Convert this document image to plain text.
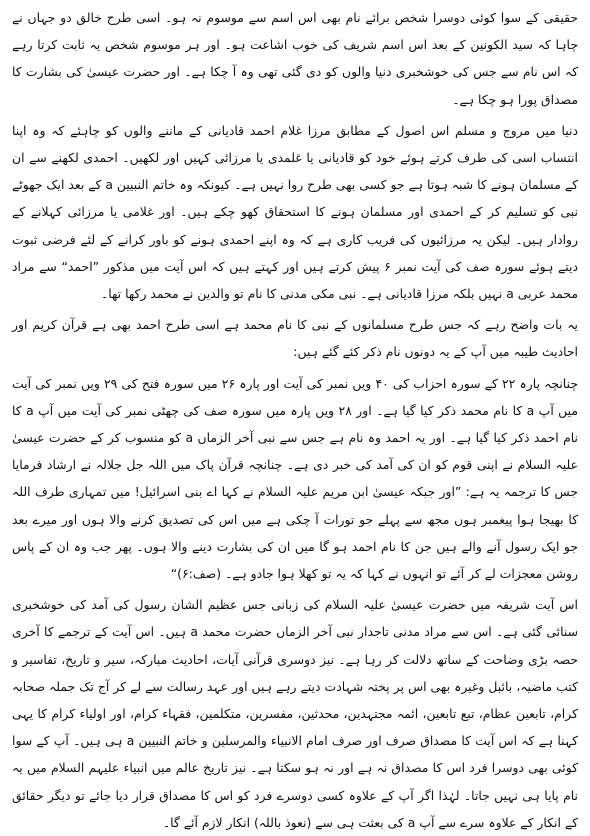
حقیقی کے سوا کوئی دوسرا شخص برائے نام بھی اس اسم سے موسوم نہ ہو۔ اسی طرح خالق دو جہاں نے چاہا کہ سید الکونین کے بعد اس اسم شریف کی خوب اشاعت ہو۔ اور ہر موسوم شخص یہ ثابت کرتا رہے کہ اس نام سے جس کی خوشخبری دنیا والوں کو دی گئی تھی وہ آ چکا ہے۔ اور حضرت عیسیٰ کی بشارت کا مصداق پورا ہو چکا ہے۔

دنیا میں مروج و مسلم اس اصول کے مطابق مرزا غلام احمد قادیانی کے ماننے والوں کو چاہئے کہ وہ اپنا انتساب اسی کی طرف کرتے ہوئے خود کو قادیانی یا غلمدی یا مرزائی کہیں اور لکھیں۔ احمدی لکھنے سے ان کے مسلمان ہونے کا شبہ ہوتا ہے جو کسی بھی طرح روا نہیں ہے۔ کیونکہ وہ خاتم النبیین a کے بعد ایک جھوٹے نبی کو تسلیم کر کے احمدی اور مسلمان ہونے کا استحقاق کھو چکے ہیں۔ اور غلامی یا مرزائی کہلانے کے روادار ہیں۔ لیکن یہ مرزائیوں کی فریب کاری ہے کہ وہ اپنے احمدی ہونے کو باور کرانے کے لئے فرضی ثبوت دیتے ہوئے سورہ صف کی آیت نمبر ۶ پیش کرتے ہیں اور کہتے ہیں کہ اس آیت میں مذکور ”احمد“ سے مراد محمد عربی a نہیں بلکہ مرزا قادیانی ہے۔ نبی مکی مدنی کا نام تو والدین نے محمد رکھا تھا۔

یہ بات واضح رہے کہ جس طرح مسلمانوں کے نبی کا نام محمد ہے اسی طرح احمد بھی ہے قرآن کریم اور احادیث طیبہ میں آپ کے یہ دونوں نام ذکر کئے گئے ہیں:

چنانچہ پارہ ۲۲ کے سورہ احزاب کی ۴۰ ویں نمبر کی آیت اور پارہ ۲۶ میں سورہ فتح کی ۲۹ ویں نمبر کی آیت میں آپ a کا نام محمد ذکر کیا گیا ہے۔ اور ۲۸ ویں پارہ میں سورہ صف کی چھٹی نمبر کی آیت میں آپ a کا نام احمد ذکر کیا گیا ہے۔ اور یہ احمد وہ نام ہے جس سے نبی آخر الزماں a کو منسوب کر کے حضرت عیسیٰ علیہ السلام نے اپنی قوم کو ان کی آمد کی خبر دی ہے۔ چنانچہ قرآن پاک میں اللہ جل جلالہ نے ارشاد فرمایا جس کا ترجمہ یہ ہے: ”اور جبکہ عیسیٰ ابن مریم علیہ السلام نے کہا اے بنی اسرائیل! میں تمہاری طرف اللہ کا بھیجا ہوا پیغمبر ہوں مجھ سے پہلے جو تورات آ چکی ہے میں اس کی تصدیق کرنے والا ہوں اور میرے بعد جو ایک رسول آنے والے ہیں جن کا نام احمد ہو گا میں ان کی بشارت دینے والا ہوں۔ پھر جب وہ ان کے پاس روشن معجزات لے کر آئے تو انہوں نے کہا کہ یہ تو کھلا ہوا جادو ہے۔ (صف:۶)“

اس آیت شریفہ میں حضرت عیسیٰ علیہ السلام کی زبانی جس عظیم الشان رسول کی آمد کی خوشخبری سنائی گئی ہے۔ اس سے مراد مدنی تاجدار نبی آخر الزماں حضرت محمد a ہیں۔ اس آیت کے ترجمے کا آخری حصہ بڑی وضاحت کے ساتھ دلالت کر رہا ہے۔ نیز دوسری قرآنی آیات، احادیث مبارکہ، سیر و تاریخ، تفاسیر و کتب ماضیہ، بائبل وغیرہ بھی اس پر پختہ شہادت دیتے رہے ہیں اور عہد رسالت سے لے کر آج تک جملہ صحابہ کرام، تابعین عظام، تبع تابعین، ائمہ مجتہدین، محدثین، مفسرین، متکلمین، فقہاء کرام، اور اولیاء کرام کا یہی کہنا ہے کہ اس آیت کا مصداق صرف اور صرف امام الانبیاء والمرسلین و خاتم النبیین a ہی ہیں۔ آپ کے سوا کوئی بھی دوسرا فرد اس کا مصداق نہ ہے اور نہ ہو سکتا ہے۔ نیز تاریخ عالم میں انبیاء علیہم السلام میں یہ نام پایا ہی نہیں جاتا۔ لہٰذا اگر آپ کے علاوہ کسی دوسرے فرد کو اس کا مصداق قرار دیا جائے تو دیگر حقائق کے انکار کے علاوہ سرے سے آپ a کی بعثت ہی سے (نعوذ باللہ) انکار لازم آئے گا۔
